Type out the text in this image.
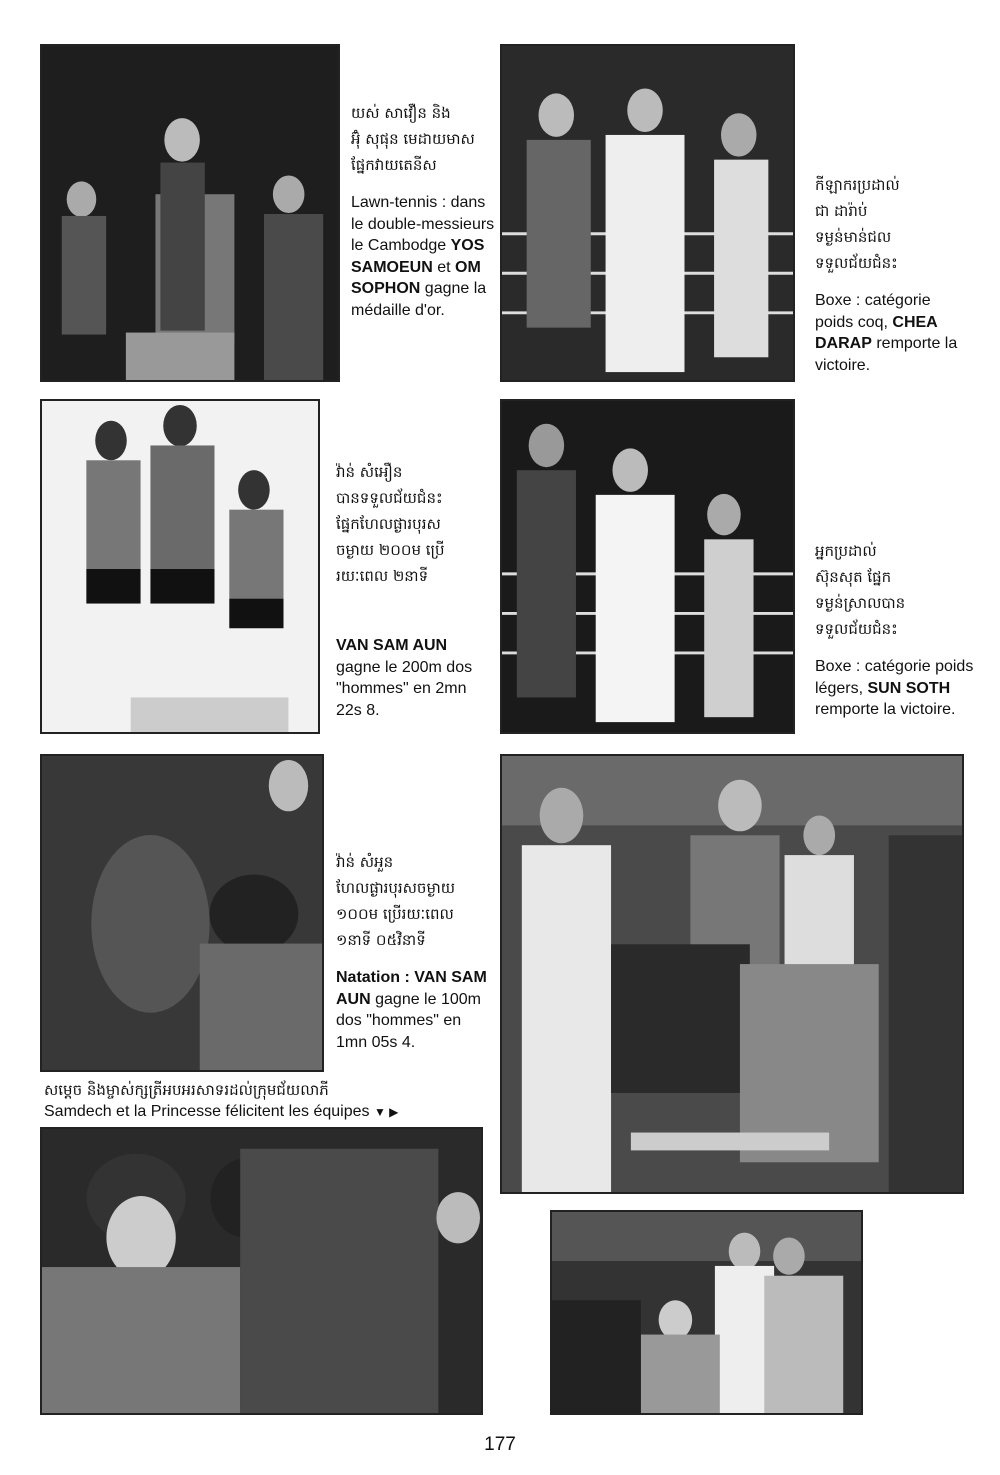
យស់ សាវឿន និង
អ៊ុំ សុផុន មេដាយមាស
ផ្នែកវាយតេនីស
Lawn-tennis : dans le double-messieurs le Cambodge YOS SAMOEUN et OM SOPHON gagne la médaille d'or.
កីឡាករប្រដាល់
ជា ដារ៉ាប់
ទម្ងន់មាន់ជល
ទទួលជ័យជំនះ
Boxe : catégorie poids coq, CHEA DARAP remporte la victoire.
វ៉ាន់ សំអឿន
បានទទួលជ័យជំនះ
ផ្នែកហែលផ្ងារបុរស
ចម្ងាយ ២០០ម ប្រើ
រយៈពេល ២នាទី
VAN SAM AUN gagne le 200m dos "hommes" en 2mn 22s 8.
អ្នកប្រដាល់
ស៊ុនសុត ផ្នែក
ទម្ងន់ស្រាលបាន
ទទួលជ័យជំនះ
Boxe : catégorie poids légers, SUN SOTH remporte la victoire.
វ៉ាន់ សំអួន
ហែលផ្ងារបុរសចម្ងាយ
១០០ម ប្រើរយៈពេល
១នាទី ០៥វិនាទី
Natation : VAN SAM AUN gagne le 100m dos "hommes" en 1mn 05s 4.
សម្ដេច និងម្ចាស់ក្សត្រីអបអរសាទរដល់ក្រុមជ័យលាភី
Samdech et la Princesse félicitent les équipes ▼ ▶
177
